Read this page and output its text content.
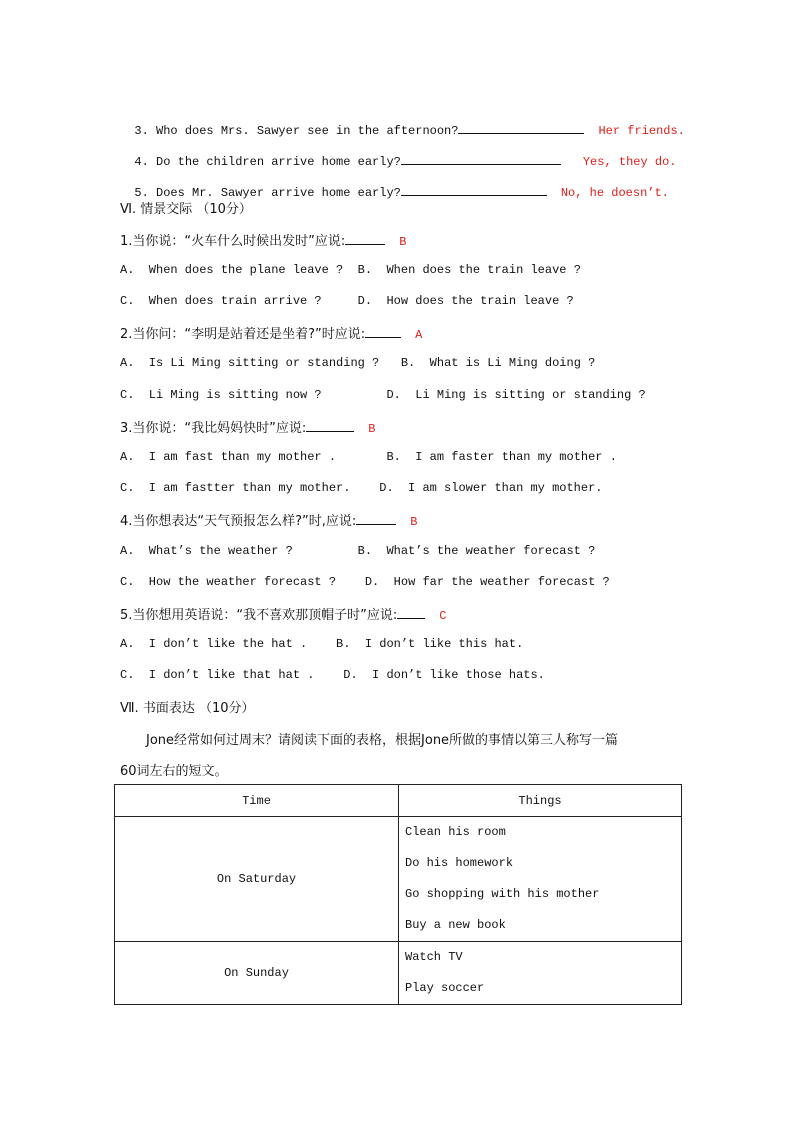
3. Who does Mrs. Sawyer see in the afternoon?	Her friends.

4. Do the children arrive home early?	Yes, they do.

5. Does Mr. Sawyer arrive home early?	No, he doesn’t.

Ⅵ. 情景交际 （10分）
1.当你说：“火车什么时候出发时”应说:	B
A.  When does the plane leave ? B.  When does the train leave ?
C.  When does train arrive ?	D.  How does the train leave ?
2.当你问：“李明是站着还是坐着?”时应说:	A
A.  Is Li Ming sitting or standing ? B.  What is Li Ming doing ?
C.  Li Ming is sitting now ?	D.  Li Ming is sitting or standing ?
3.当你说：“我比妈妈快时”应说:	B
A.  I am fast than my mother .	B.  I am faster than my mother .
C.  I am fastter than my mother. D.  I am slower than my mother.
4.当你想表达“天气预报怎么样?”时,应说:	B
A.  What’s the weather ?	B.  What’s the weather forecast ?
C.  How the weather forecast ? D.  How far the weather forecast ?
5.当你想用英语说：“我不喜欢那顶帽子时”应说:	C
A.  I don’t like the hat . B.  I don’t like this hat.
C.  I don’t like that hat . D.  I don’t like those hats.
Ⅶ. 书面表达 （10分）
Jone经常如何过周末？请阅读下面的表格，根据Jone所做的事情以第三人称写一篇
60词左右的短文。
Time	Things
On Saturday	Clean his room
Do his homework
Go shopping with his mother
Buy a new book

On Sunday	Watch TV
Play soccer
